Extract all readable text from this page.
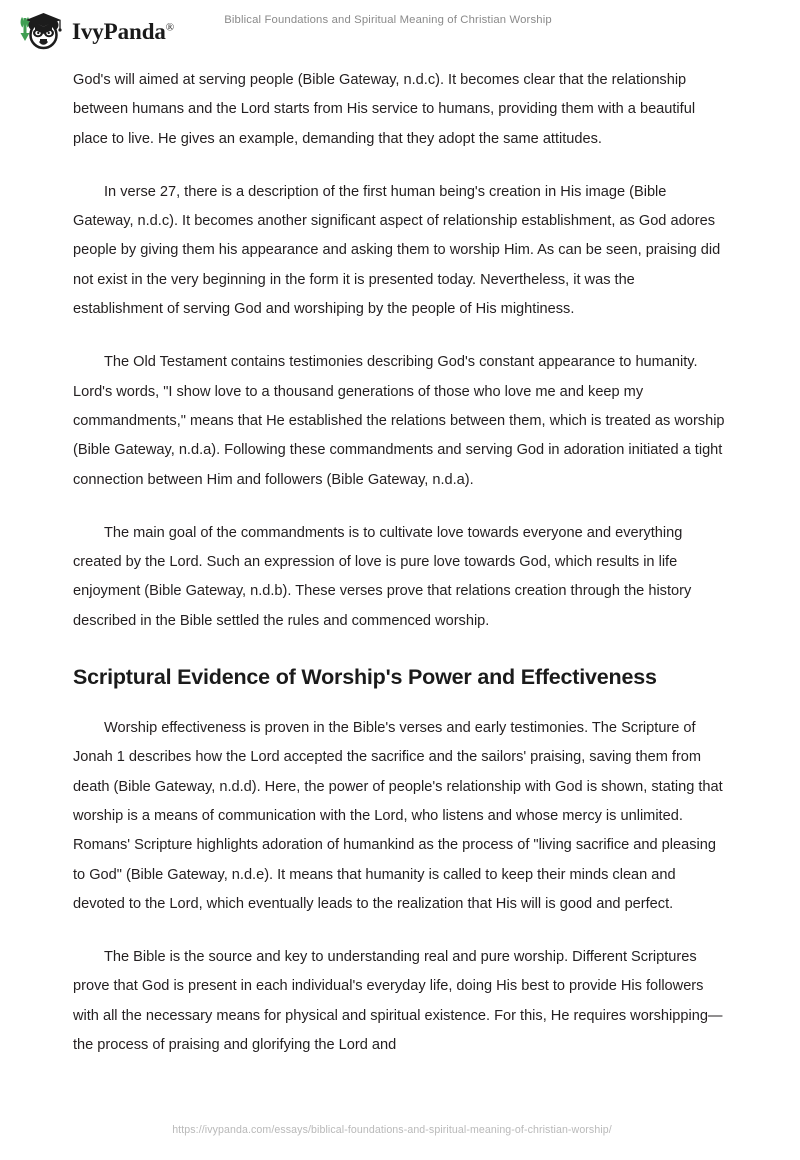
IvyPanda®
Biblical Foundations and Spiritual Meaning of Christian Worship

God's will aimed at serving people (Bible Gateway, n.d.c). It becomes clear that the relationship between humans and the Lord starts from His service to humans, providing them with a beautiful place to live. He gives an example, demanding that they adopt the same attitudes.

In verse 27, there is a description of the first human being's creation in His image (Bible Gateway, n.d.c). It becomes another significant aspect of relationship establishment, as God adores people by giving them his appearance and asking them to worship Him. As can be seen, praising did not exist in the very beginning in the form it is presented today. Nevertheless, it was the establishment of serving God and worshiping by the people of His mightiness.

The Old Testament contains testimonies describing God's constant appearance to humanity. Lord's words, "I show love to a thousand generations of those who love me and keep my commandments," means that He established the relations between them, which is treated as worship (Bible Gateway, n.d.a). Following these commandments and serving God in adoration initiated a tight connection between Him and followers (Bible Gateway, n.d.a).

The main goal of the commandments is to cultivate love towards everyone and everything created by the Lord. Such an expression of love is pure love towards God, which results in life enjoyment (Bible Gateway, n.d.b). These verses prove that relations creation through the history described in the Bible settled the rules and commenced worship.

Scriptural Evidence of Worship's Power and Effectiveness

Worship effectiveness is proven in the Bible's verses and early testimonies. The Scripture of Jonah 1 describes how the Lord accepted the sacrifice and the sailors' praising, saving them from death (Bible Gateway, n.d.d). Here, the power of people's relationship with God is shown, stating that worship is a means of communication with the Lord, who listens and whose mercy is unlimited. Romans' Scripture highlights adoration of humankind as the process of "living sacrifice and pleasing to God" (Bible Gateway, n.d.e). It means that humanity is called to keep their minds clean and devoted to the Lord, which eventually leads to the realization that His will is good and perfect.

The Bible is the source and key to understanding real and pure worship. Different Scriptures prove that God is present in each individual's everyday life, doing His best to provide His followers with all the necessary means for physical and spiritual existence. For this, He requires worshipping—the process of praising and glorifying the Lord and

https://ivypanda.com/essays/biblical-foundations-and-spiritual-meaning-of-christian-worship/
